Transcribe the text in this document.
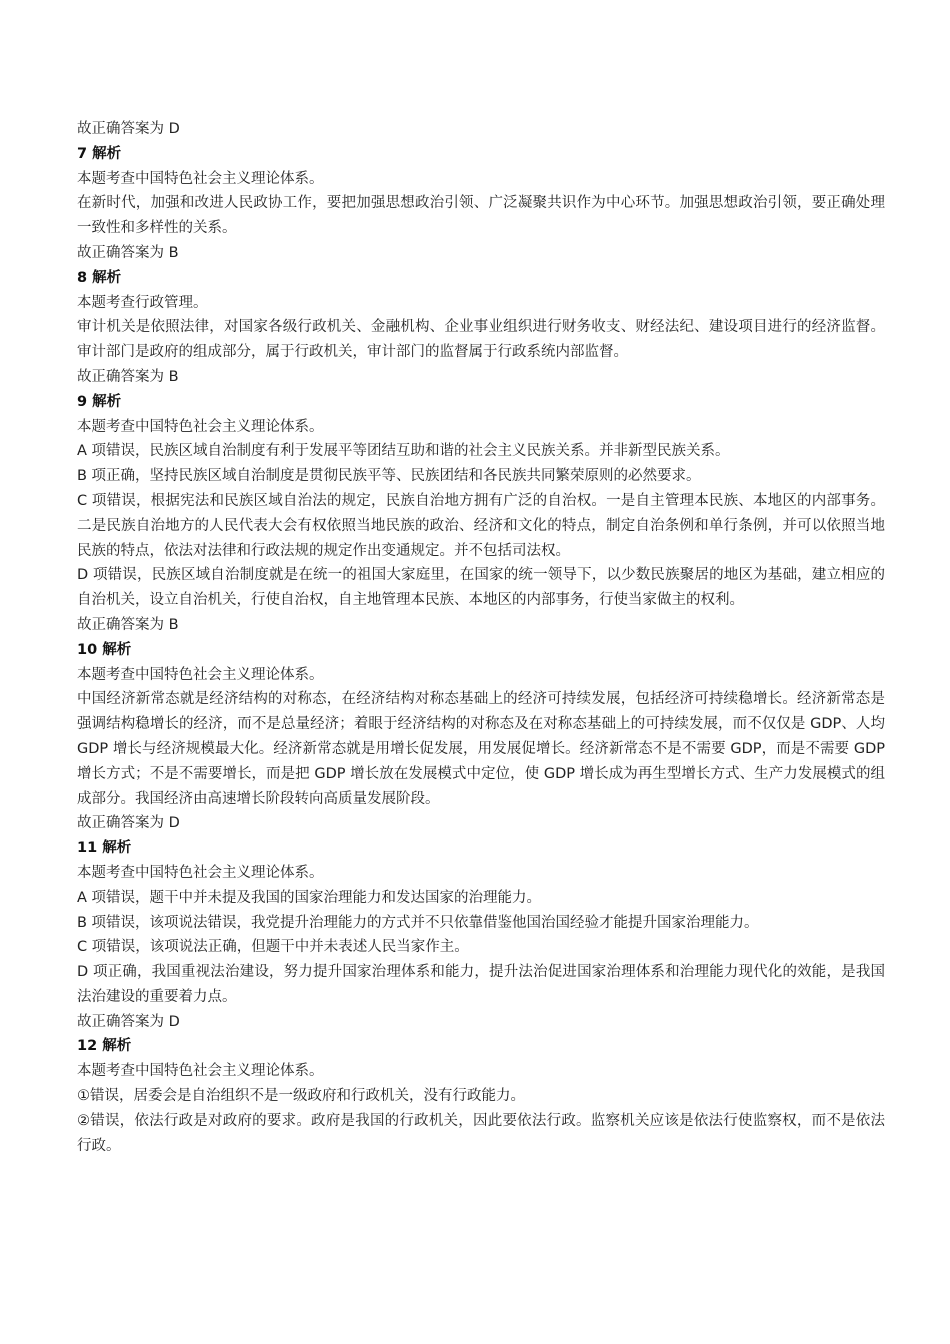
故正确答案为 D

7 解析

本题考查中国特色社会主义理论体系。

在新时代，加强和改进人民政协工作，要把加强思想政治引领、广泛凝聚共识作为中心环节。加强思想政治引领，要正确处理一致性和多样性的关系。

故正确答案为 B

8 解析

本题考查行政管理。

审计机关是依照法律，对国家各级行政机关、金融机构、企业事业组织进行财务收支、财经法纪、建设项目进行的经济监督。审计部门是政府的组成部分，属于行政机关，审计部门的监督属于行政系统内部监督。

故正确答案为 B

9 解析

本题考查中国特色社会主义理论体系。

A 项错误，民族区域自治制度有利于发展平等团结互助和谐的社会主义民族关系。并非新型民族关系。

B 项正确，坚持民族区域自治制度是贯彻民族平等、民族团结和各民族共同繁荣原则的必然要求。

C 项错误，根据宪法和民族区域自治法的规定，民族自治地方拥有广泛的自治权。一是自主管理本民族、本地区的内部事务。二是民族自治地方的人民代表大会有权依照当地民族的政治、经济和文化的特点，制定自治条例和单行条例，并可以依照当地民族的特点，依法对法律和行政法规的规定作出变通规定。并不包括司法权。

D 项错误，民族区域自治制度就是在统一的祖国大家庭里，在国家的统一领导下，以少数民族聚居的地区为基础，建立相应的自治机关，设立自治机关，行使自治权，自主地管理本民族、本地区的内部事务，行使当家做主的权利。

故正确答案为 B

10 解析

本题考查中国特色社会主义理论体系。

中国经济新常态就是经济结构的对称态，在经济结构对称态基础上的经济可持续发展，包括经济可持续稳增长。经济新常态是强调结构稳增长的经济，而不是总量经济；着眼于经济结构的对称态及在对称态基础上的可持续发展，而不仅仅是 GDP、人均 GDP 增长与经济规模最大化。经济新常态就是用增长促发展，用发展促增长。经济新常态不是不需要 GDP，而是不需要 GDP 增长方式；不是不需要增长，而是把 GDP 增长放在发展模式中定位，使 GDP 增长成为再生型增长方式、生产力发展模式的组成部分。我国经济由高速增长阶段转向高质量发展阶段。

故正确答案为 D

11 解析

本题考查中国特色社会主义理论体系。

A 项错误，题干中并未提及我国的国家治理能力和发达国家的治理能力。

B 项错误，该项说法错误，我党提升治理能力的方式并不只依靠借鉴他国治国经验才能提升国家治理能力。

C 项错误，该项说法正确，但题干中并未表述人民当家作主。

D 项正确，我国重视法治建设，努力提升国家治理体系和能力，提升法治促进国家治理体系和治理能力现代化的效能，是我国法治建设的重要着力点。

故正确答案为 D

12 解析

本题考查中国特色社会主义理论体系。

①错误，居委会是自治组织不是一级政府和行政机关，没有行政能力。

②错误，依法行政是对政府的要求。政府是我国的行政机关，因此要依法行政。监察机关应该是依法行使监察权，而不是依法行政。
